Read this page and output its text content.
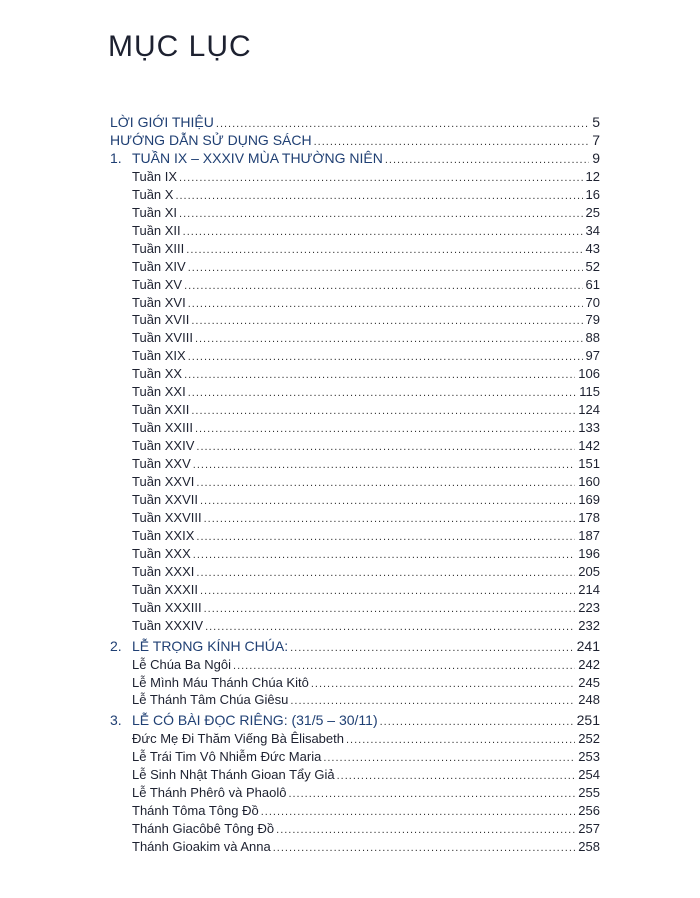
MỤC LỤC
LỜI GIỚI THIỆU .....	5
HƯỚNG DẪN SỬ DỤNG SÁCH .....	7
1. TUẦN IX – XXXIV MÙA THƯỜNG NIÊN .....	9
Tuần IX .....	12
Tuần X .....	16
Tuần XI .....	25
Tuần XII .....	34
Tuần XIII .....	43
Tuần XIV .....	52
Tuần XV .....	61
Tuần XVI .....	70
Tuần XVII .....	79
Tuần XVIII .....	88
Tuần XIX .....	97
Tuần XX .....	106
Tuần XXI .....	115
Tuần XXII .....	124
Tuần XXIII .....	133
Tuần XXIV .....	142
Tuần XXV .....	151
Tuần XXVI .....	160
Tuần XXVII .....	169
Tuần XXVIII .....	178
Tuần XXIX .....	187
Tuần XXX .....	196
Tuần XXXI .....	205
Tuần XXXII .....	214
Tuần XXXIII .....	223
Tuần XXXIV .....	232
2. LỄ TRỌNG KÍNH CHÚA: .....	241
Lễ Chúa Ba Ngôi .....	242
Lễ Mình Máu Thánh Chúa Kitô .....	245
Lễ Thánh Tâm Chúa Giêsu .....	248
3. LỄ CÓ BÀI ĐỌC RIÊNG: (31/5 – 30/11) .....	251
Đức Mẹ Đi Thăm Viếng Bà Êlisabeth .....	252
Lễ Trái Tim Vô Nhiễm Đức Maria .....	253
Lễ Sinh Nhật Thánh Gioan Tẩy Giả .....	254
Lễ Thánh Phêrô và Phaolô .....	255
Thánh Tôma Tông Đồ .....	256
Thánh Giacôbê Tông Đồ .....	257
Thánh Gioakim và Anna .....	258
